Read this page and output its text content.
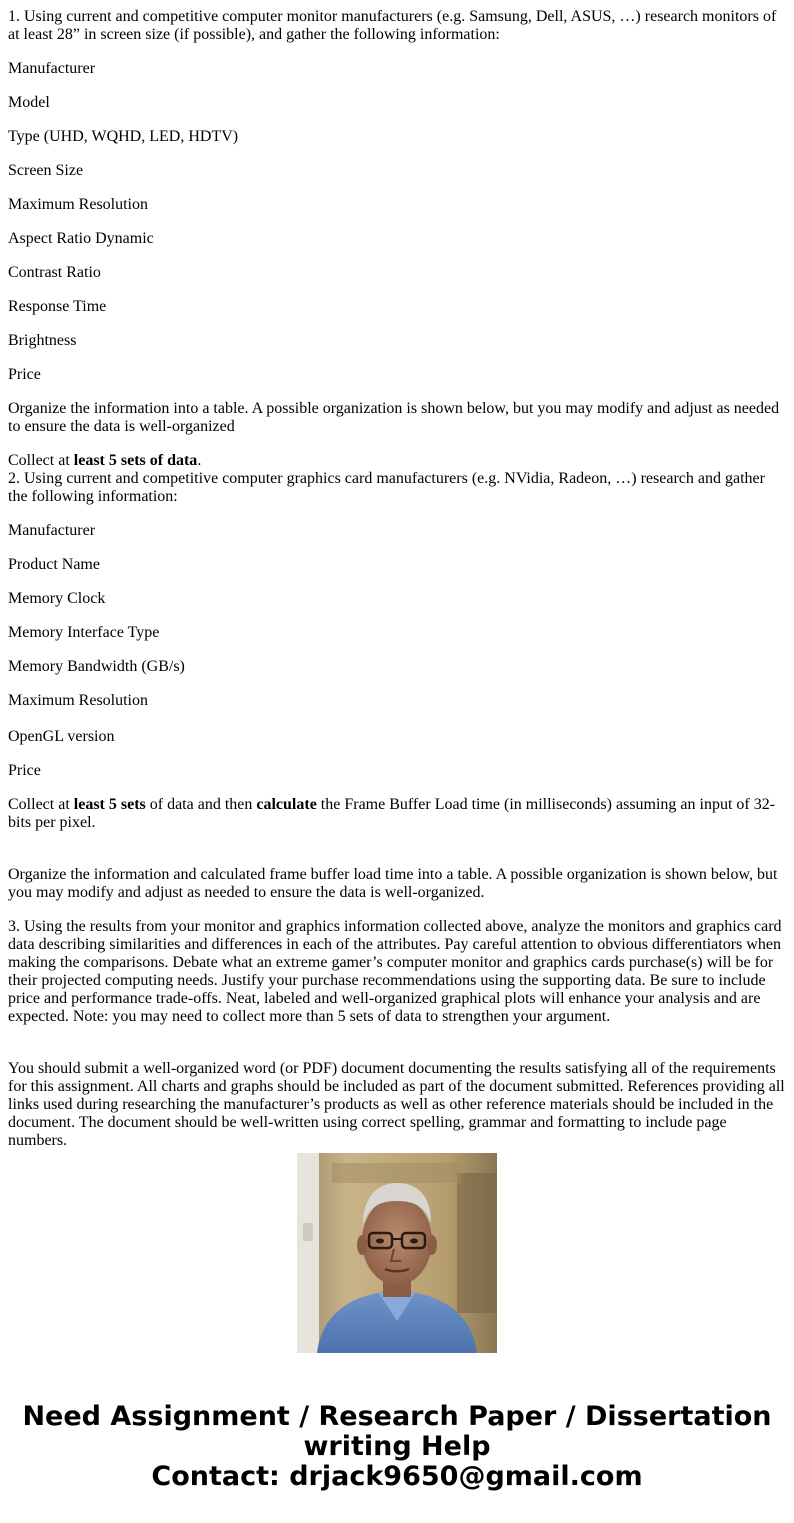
1. Using current and competitive computer monitor manufacturers (e.g. Samsung, Dell, ASUS, …) research monitors of at least 28” in screen size (if possible), and gather the following information:

Manufacturer

Model

Type (UHD, WQHD, LED, HDTV)

Screen Size

Maximum Resolution

Aspect Ratio Dynamic

Contrast Ratio

Response Time

Brightness

Price

Organize the information into a table. A possible organization is shown below, but you may modify and adjust as needed to ensure the data is well-organized

Collect at least 5 sets of data.

2. Using current and competitive computer graphics card manufacturers (e.g. NVidia, Radeon, …) research and gather the following information:

Manufacturer

Product Name

Memory Clock

Memory Interface Type

Memory Bandwidth (GB/s)

Maximum Resolution

OpenGL version

Price

Collect at least 5 sets of data and then calculate the Frame Buffer Load time (in milliseconds) assuming an input of 32-bits per pixel.

Organize the information and calculated frame buffer load time into a table. A possible organization is shown below, but you may modify and adjust as needed to ensure the data is well-organized.

3. Using the results from your monitor and graphics information collected above, analyze the monitors and graphics card data describing similarities and differences in each of the attributes. Pay careful attention to obvious differentiators when making the comparisons. Debate what an extreme gamer’s computer monitor and graphics cards purchase(s) will be for their projected computing needs. Justify your purchase recommendations using the supporting data. Be sure to include price and performance trade-offs. Neat, labeled and well-organized graphical plots will enhance your analysis and are expected. Note: you may need to collect more than 5 sets of data to strengthen your argument.

You should submit a well-organized word (or PDF) document documenting the results satisfying all of the requirements for this assignment. All charts and graphs should be included as part of the document submitted. References providing all links used during researching the manufacturer’s products as well as other reference materials should be included in the document. The document should be well-written using correct spelling, grammar and formatting to include page numbers.

Need Assignment / Research Paper / Dissertation
writing Help
Contact: drjack9650@gmail.com
